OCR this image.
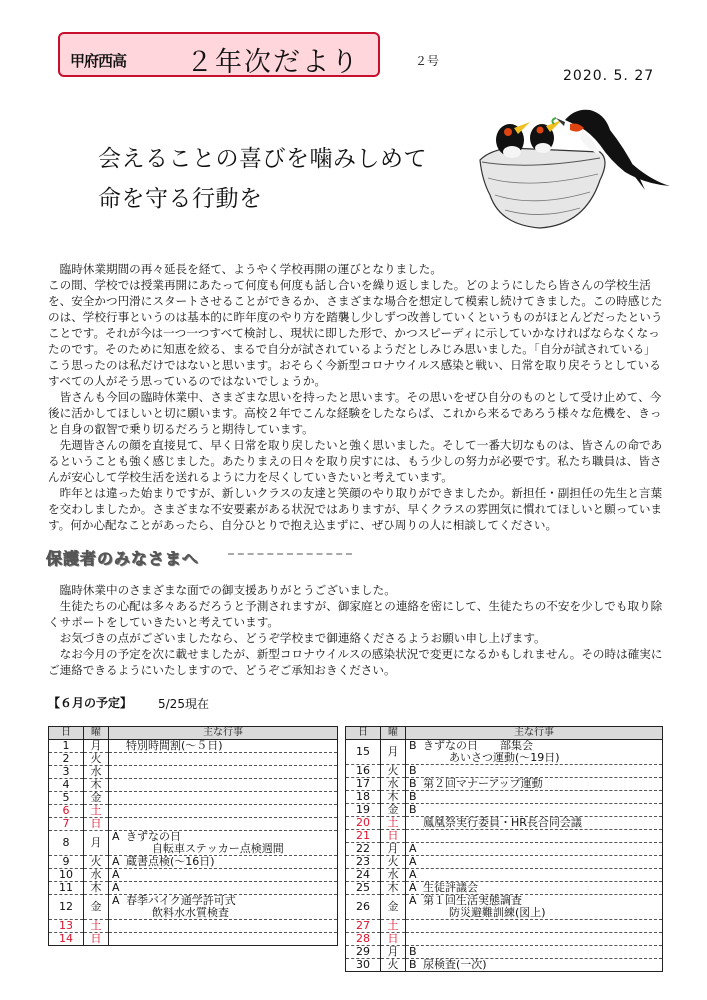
甲府西高 ２年次だより	２号
2020. 5. 27
会えることの喜びを噛みしめて
命を守る行動を

臨時休業期間の再々延長を経て、ようやく学校再開の運びとなりました。

この間、学校では授業再開にあたって何度も何度も話し合いを繰り返しました。どのようにしたら皆さんの学校生活を、安全かつ円滑にスタートさせることができるか、さまざまな場合を想定して模索し続けてきました。この時感じたのは、学校行事というのは基本的に昨年度のやり方を踏襲し少しずつ改善していくというものがほとんどだったということです。それが今は一つ一つすべて検討し、現状に即した形で、かつスピーディに示していかなければならなくなったのです。そのために知恵を絞る、まるで自分が試されているようだとしみじみ思いました。「自分が試されている」こう思ったのは私だけではないと思います。おそらく今新型コロナウイルス感染と戦い、日常を取り戻そうとしているすべての人がそう思っているのではないでしょうか。

皆さんも今回の臨時休業中、さまざまな思いを持ったと思います。その思いをぜひ自分のものとして受け止めて、今後に活かしてほしいと切に願います。高校２年でこんな経験をしたならば、これから来るであろう様々な危機を、きっと自身の叡智で乗り切るだろうと期待しています。

先週皆さんの顔を直接見て、早く日常を取り戻したいと強く思いました。そして一番大切なものは、皆さんの命であるということも強く感じました。あたりまえの日々を取り戻すには、もう少しの努力が必要です。私たち職員は、皆さんが安心して学校生活を送れるように力を尽くしていきたいと考えています。

昨年とは違った始まりですが、新しいクラスの友達と笑顔のやり取りができましたか。新担任・副担任の先生と言葉を交わしましたか。さまざまな不安要素がある状況ではありますが、早くクラスの雰囲気に慣れてほしいと願っています。何か心配なことがあったら、自分ひとりで抱え込まずに、ぜひ周りの人に相談してください。

保護者のみなさまへ

臨時休業中のさまざまな面での御支援ありがとうございました。

生徒たちの心配は多々あるだろうと予測されますが、御家庭との連絡を密にして、生徒たちの不安を少しでも取り除くサポートをしていきたいと考えています。

お気づきの点がございましたなら、どうぞ学校まで御連絡くださるようお願い申し上げます。

なお今月の予定を次に載せましたが、新型コロナウイルスの感染状況で変更になるかもしれません。その時は確実にご連絡できるようにいたしますので、どうぞご承知おきください。

【６月の予定】 5/25現在
日	曜	主な行事
1	月	特別時間割(～５日)
2	火	
3	水	
4	木	
5	金	
6	土	
7	日	
8	月	A きずなの日
自転車ステッカー点検週間

9	火	A 蔵書点検(～16日)
10	水	A
11	木	A
12	金	A 春季バイク通学許可式
飲料水水質検査

13	土	
14	日	
日	曜	主な行事
15	月	B きずなの日　　部集会
あいさつ運動(～19日)

16	火	B
17	水	B 第２回マナーアップ運動
18	木	B
19	金	B
20	土	鳳凰祭実行委員・HR長合同会議
21	日	
22	月	A
23	火	A
24	水	A
25	木	A 生徒評議会
26	金	A 第１回生活実態調査
防災避難訓練(図上)

27	土	
28	日	
29	月	B
30	火	B 尿検査(一次)
